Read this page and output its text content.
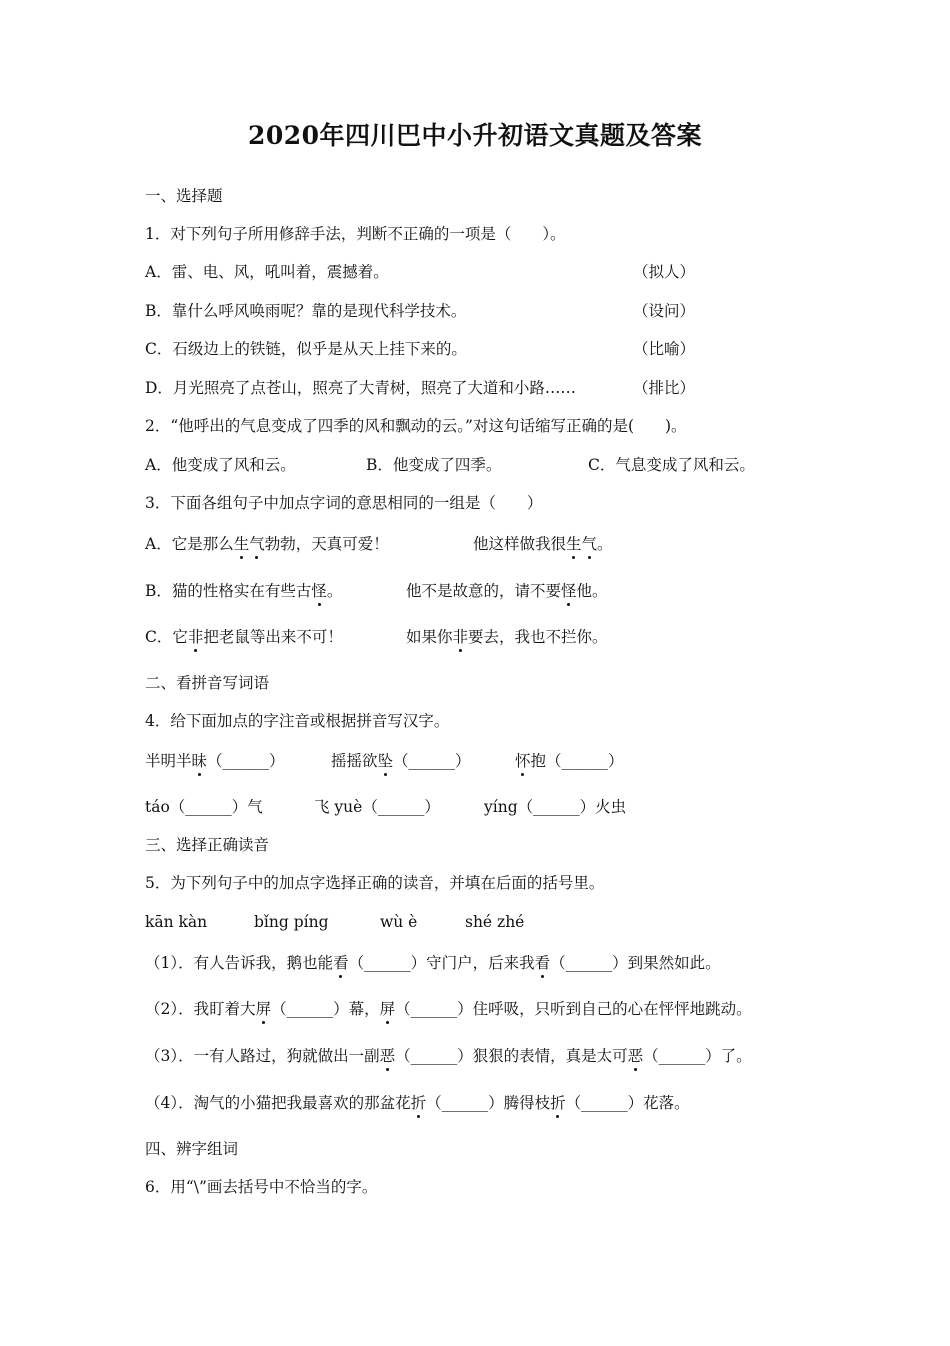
2020年四川巴中小升初语文真题及答案
一、选择题
1．对下列句子所用修辞手法，判断不正确的一项是（　　）。
A．雷、电、风，吼叫着，震撼着。	（拟人）
B．靠什么呼风唤雨呢？靠的是现代科学技术。	（设问）
C．石级边上的铁链，似乎是从天上挂下来的。	（比喻）
D．月光照亮了点苍山，照亮了大青树，照亮了大道和小路……	（排比）
2．“他呼出的气息变成了四季的风和飘动的云。”对这句话缩写正确的是(　　)。
A．他变成了风和云。	B．他变成了四季。	C．气息变成了风和云。
3．下面各组句子中加点字词的意思相同的一组是（　　）
A．它是那么生气勃勃，天真可爱！	他这样做我很生气。
B．猫的性格实在有些古怪。	他不是故意的，请不要怪他。
C．它非把老鼠等出来不可！	如果你非要去，我也不拦你。
二、看拼音写词语
4．给下面加点的字注音或根据拼音写汉字。
半明半昧（______）	摇摇欲坠（______）	怀抱（______）
táo（______）气	飞 yuè（______）	yíng（______）火虫
三、选择正确读音
5．为下列句子中的加点字选择正确的读音，并填在后面的括号里。
kān kàn	bǐng píng	wù è	shé zhé
（1）．有人告诉我，鹅也能看（______）守门户，后来我看（______）到果然如此。
（2）．我盯着大屏（______）幕，屏（______）住呼吸，只听到自己的心在怦怦地跳动。
（3）．一有人路过，狗就做出一副恶（______）狠狠的表情，真是太可恶（______）了。
（4）．淘气的小猫把我最喜欢的那盆花折（______）腾得枝折（______）花落。
四、辨字组词
6．用“\”画去括号中不恰当的字。
